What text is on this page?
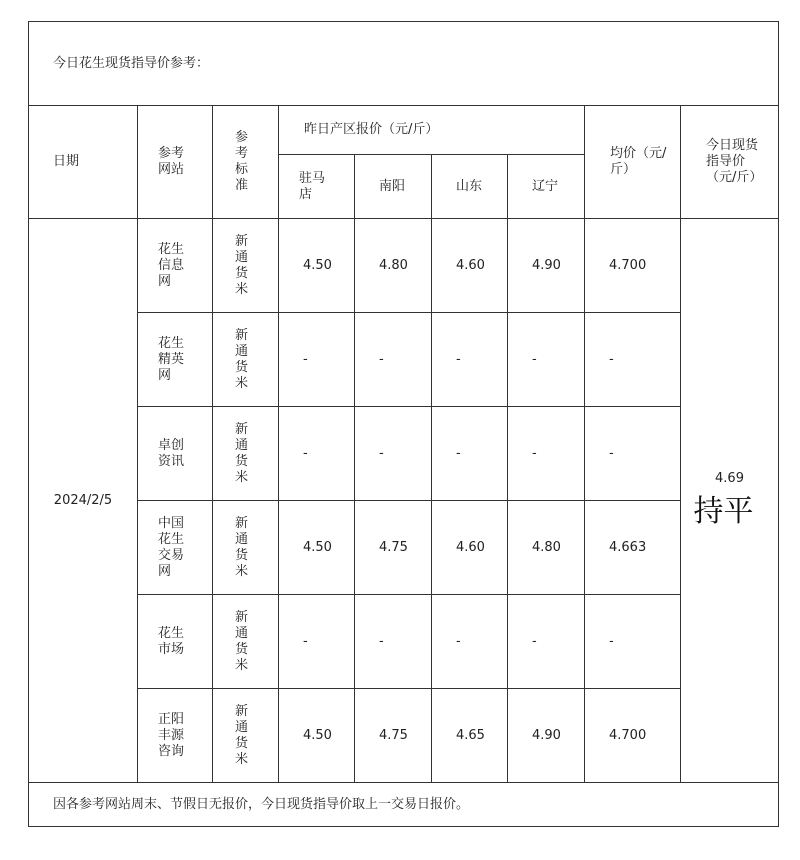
今日花生现货指导价参考：								
日期	参考网站	参考标准	昨日产区报价（元/斤）				均价（元/斤）	今日现货指导价（元/斤）
			驻马店	南阳	山东	辽宁		
2024/2/5	花生信息网	新通货米	4.50	4.80	4.60	4.90	4.700	4.69
持平

	花生精英网	新通货米	-	-	-	-	-	
	卓创资讯	新通货米	-	-	-	-	-	
	中国花生交易网	新通货米	4.50	4.75	4.60	4.80	4.663	
	花生市场	新通货米	-	-	-	-	-	
	正阳丰源咨询	新通货米	4.50	4.75	4.65	4.90	4.700	
因各参考网站周末、节假日无报价，今日现货指导价取上一交易日报价。								
